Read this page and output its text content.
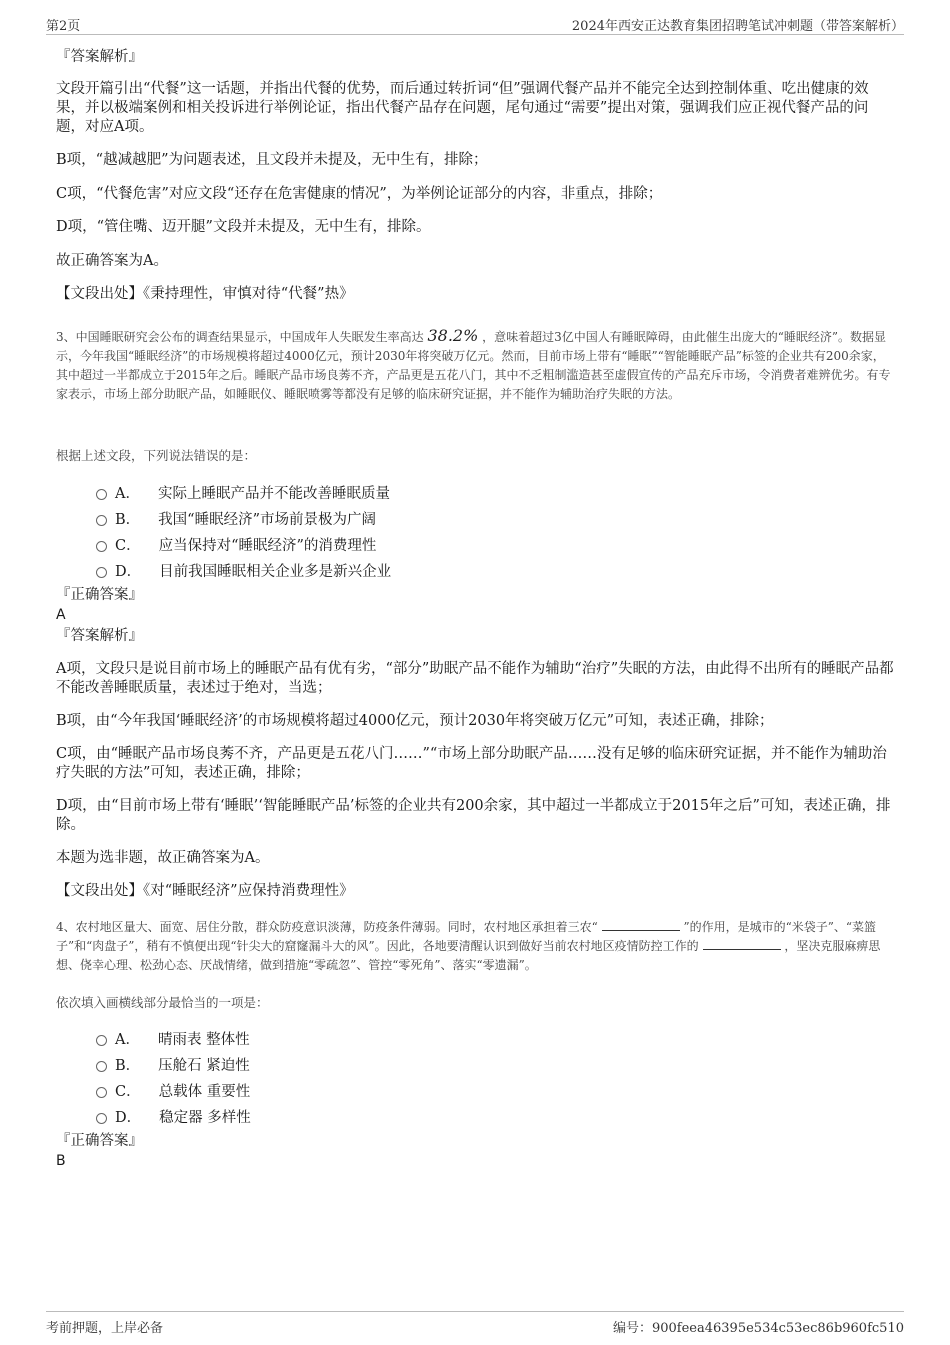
第2页	2024年西安正达教育集团招聘笔试冲刺题（带答案解析）
『答案解析』
文段开篇引出“代餐”这一话题，并指出代餐的优势，而后通过转折词“但”强调代餐产品并不能完全达到控制体重、吃出健康的效果，并以极端案例和相关投诉进行举例论证，指出代餐产品存在问题，尾句通过“需要”提出对策，强调我们应正视代餐产品的问题，对应A项。
B项，“越减越肥”为问题表述，且文段并未提及，无中生有，排除；
C项，“代餐危害”对应文段“还存在危害健康的情况”，为举例论证部分的内容，非重点，排除；
D项，“管住嘴、迈开腿”文段并未提及，无中生有，排除。
故正确答案为A。
【文段出处】《秉持理性，审慎对待“代餐”热》
3、中国睡眠研究会公布的调查结果显示，中国成年人失眠发生率高达 38.2% ，意味着超过3亿中国人有睡眠障碍，由此催生出庞大的“睡眠经济”。数据显示，今年我国“睡眠经济”的市场规模将超过4000亿元，预计2030年将突破万亿元。然而，目前市场上带有“睡眠”“智能睡眠产品”标签的企业共有200余家，其中超过一半都成立于2015年之后。睡眠产品市场良莠不齐，产品更是五花八门，其中不乏粗制滥造甚至虚假宣传的产品充斥市场，令消费者难辨优劣。有专家表示，市场上部分助眠产品，如睡眠仪、睡眠喷雾等都没有足够的临床研究证据，并不能作为辅助治疗失眠的方法。
根据上述文段，下列说法错误的是：
A． 实际上睡眠产品并不能改善睡眠质量
B． 我国“睡眠经济”市场前景极为广阔
C． 应当保持对“睡眠经济”的消费理性
D． 目前我国睡眠相关企业多是新兴企业
『正确答案』
A
『答案解析』
A项，文段只是说目前市场上的睡眠产品有优有劣，“部分”助眠产品不能作为辅助“治疗”失眠的方法，由此得不出所有的睡眠产品都不能改善睡眠质量，表述过于绝对，当选；
B项，由“今年我国‘睡眠经济’的市场规模将超过4000亿元，预计2030年将突破万亿元”可知，表述正确，排除；
C项，由“睡眠产品市场良莠不齐，产品更是五花八门……”“市场上部分助眠产品……没有足够的临床研究证据，并不能作为辅助治疗失眠的方法”可知，表述正确，排除；
D项，由“目前市场上带有‘睡眠’‘智能睡眠产品’标签的企业共有200余家，其中超过一半都成立于2015年之后”可知，表述正确，排除。
本题为选非题，故正确答案为A。
【文段出处】《对“睡眠经济”应保持消费理性》
4、农村地区量大、面宽、居住分散，群众防疫意识淡薄，防疫条件薄弱。同时，农村地区承担着三农“	”的作用，是城市的“米袋子”、“菜篮子”和“肉盘子”，稍有不慎便出现“针尖大的窟窿漏斗大的风”。因此，各地要清醒认识到做好当前农村地区疫情防控工作的	，坚决克服麻痹思想、侥幸心理、松劲心态、厌战情绪，做到措施“零疏忽”、管控“零死角”、落实“零遗漏”。
依次填入画横线部分最恰当的一项是：
A． 晴雨表 整体性
B． 压舱石 紧迫性
C． 总载体 重要性
D． 稳定器 多样性
『正确答案』
B
考前押题，上岸必备	编号：900feea46395e534c53ec86b960fc510
